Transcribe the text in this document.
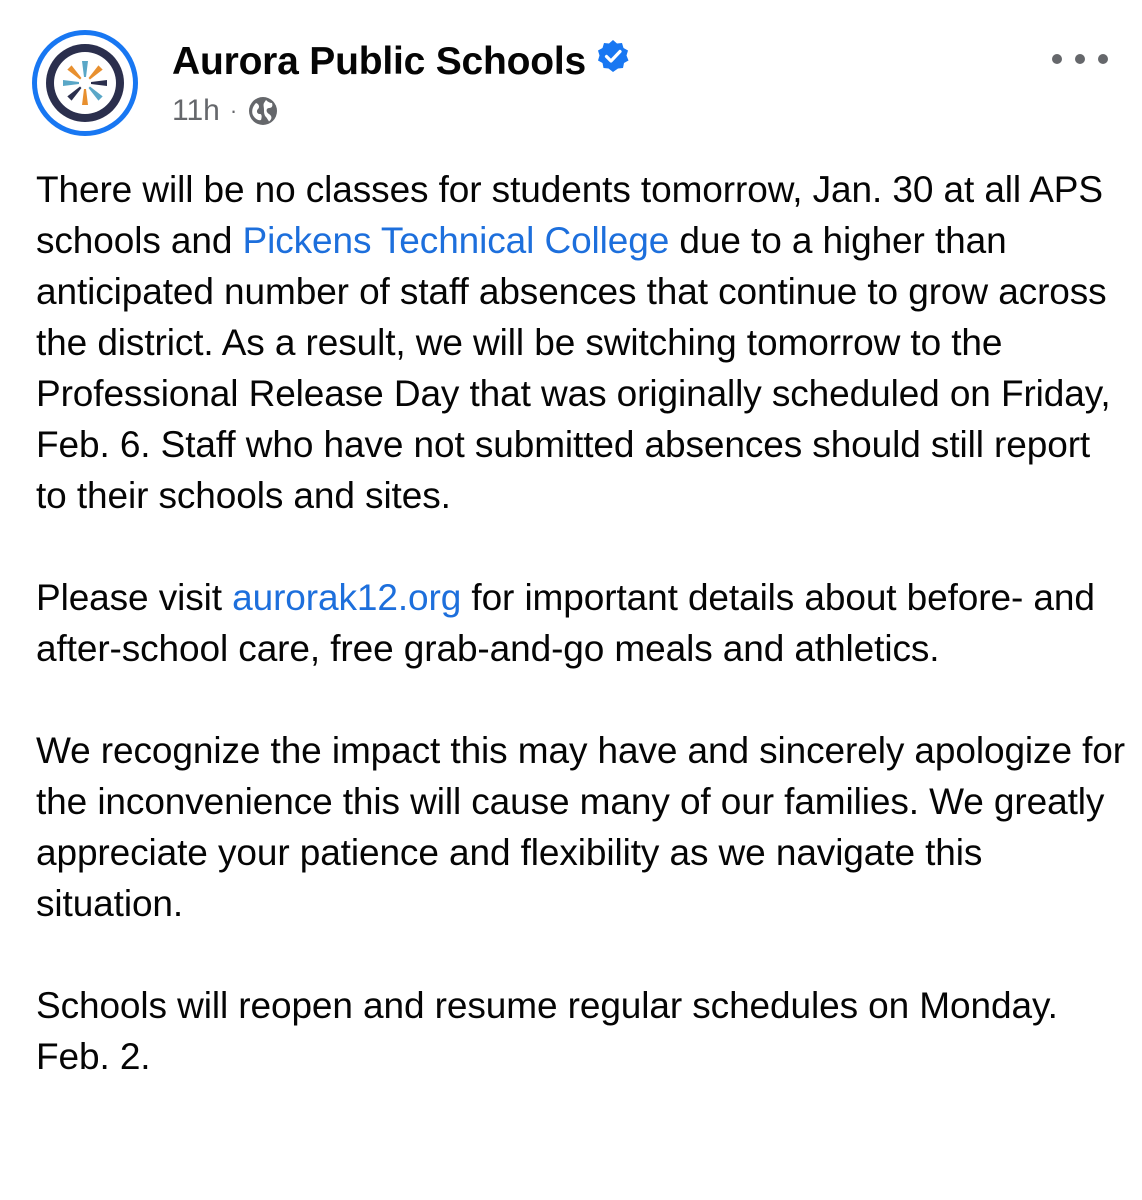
Aurora Public Schools
11h ·

There will be no classes for students tomorrow, Jan. 30 at all APS schools and Pickens Technical College due to a higher than anticipated number of staff absences that continue to grow across the district. As a result, we will be switching tomorrow to the Professional Release Day that was originally scheduled on Friday, Feb. 6. Staff who have not submitted absences should still report to their schools and sites.

Please visit aurorak12.org for important details about before- and after-school care, free grab-and-go meals and athletics.

We recognize the impact this may have and sincerely apologize for the inconvenience this will cause many of our families. We greatly appreciate your patience and flexibility as we navigate this situation.

Schools will reopen and resume regular schedules on Monday. Feb. 2.
